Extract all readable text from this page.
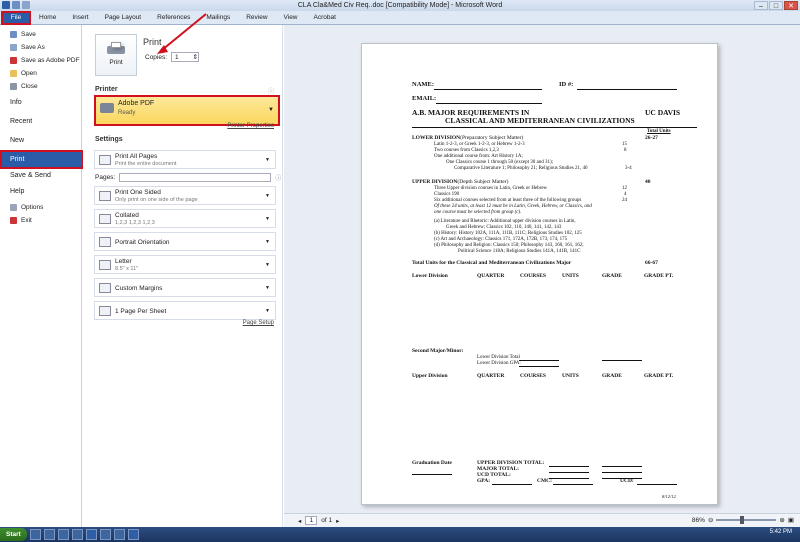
CLA Cla&Med Civ Req..doc [Compatibility Mode] - Microsoft Word	–	□	✕
File	Home	Insert	Page Layout	References	Mailings	Review	View	Acrobat
Save
Save As
Save as Adobe PDF
Open
Close
Info
Recent
New
Print
Save & Send
Help
Options
Exit
Print
Print
Copies: 1 ⇕
Printer	ⓘ
Adobe PDF
Ready	▼
Printer Properties
Settings
Print All Pages
Print the entire document
▼
Pages:	ⓘ
Print One Sided
Only print on one side of the page
▼
Collated
1,2,3 1,2,3 1,2,3
▼
Portrait Orientation	▼
Letter
8.5" x 11"
▼
Custom Margins	▼
1 Page Per Sheet	▼
Page Setup
NAME:	ID #:
EMAIL:
A.B. MAJOR REQUIREMENTS IN	UC DAVIS
CLASSICAL AND MEDITERRANEAN CIVILIZATIONS
Total Units
LOWER DIVISION(Preparatory Subject Matter)	26-27
Latin 1-2-3, or Greek 1-2-3, or Hebrew 1-2-3	15
Two courses from Classics 1,2,3	8
One additional course from: Art History 1A;
One Classics course 1 through 50 (except 30 and 31);
Comparative Literature 1; Philosophy 21; Religious Studies 21, 40	3-4
UPPER DIVISION(Depth Subject Matter)	40
Three Upper division courses in Latin, Greek or Hebrew	12
Classics 190	4
Six additional courses selected from at least three of the following groups	24
Of these 24 units, at least 12 must be in Latin, Greek, Hebrew, or Classics, and
one course must be selected from group (c).
(a) Literature and Rhetoric: Additional upper division courses in Latin,
Greek and Hebrew; Classics 102, 110, 140, 141, 142, 143
(b) History: History 102A, 111A, 111B, 111C; Religious Studies 102, 125
(c) Art and Archaeology: Classics 171, 172A, 172B, 173, 174, 175
(d) Philosophy and Religion: Classics 150; Philosophy 143, 160, 161, 162;
Political Science 118A; Religious Studies 141A, 141B, 141C
Total Units for the Classical and Mediterranean Civilizations Major	66-67
Lower Division	QUARTER	COURSES	UNITS	GRADE	GRADE PT.
Second Major/Minor:
Lower Division Total
Lower Division GPA:
Upper Division	QUARTER	COURSES	UNITS	GRADE	GRADE PT.
Graduation Date	UPPER DIVISION TOTAL:
MAJOR TOTAL:
UCD TOTAL:
GPA:	CMC:	UCD:
8/12/12
◂	1	of 1 ▸	86% ⊖	⊕ ▣
Start	5:42 PM
